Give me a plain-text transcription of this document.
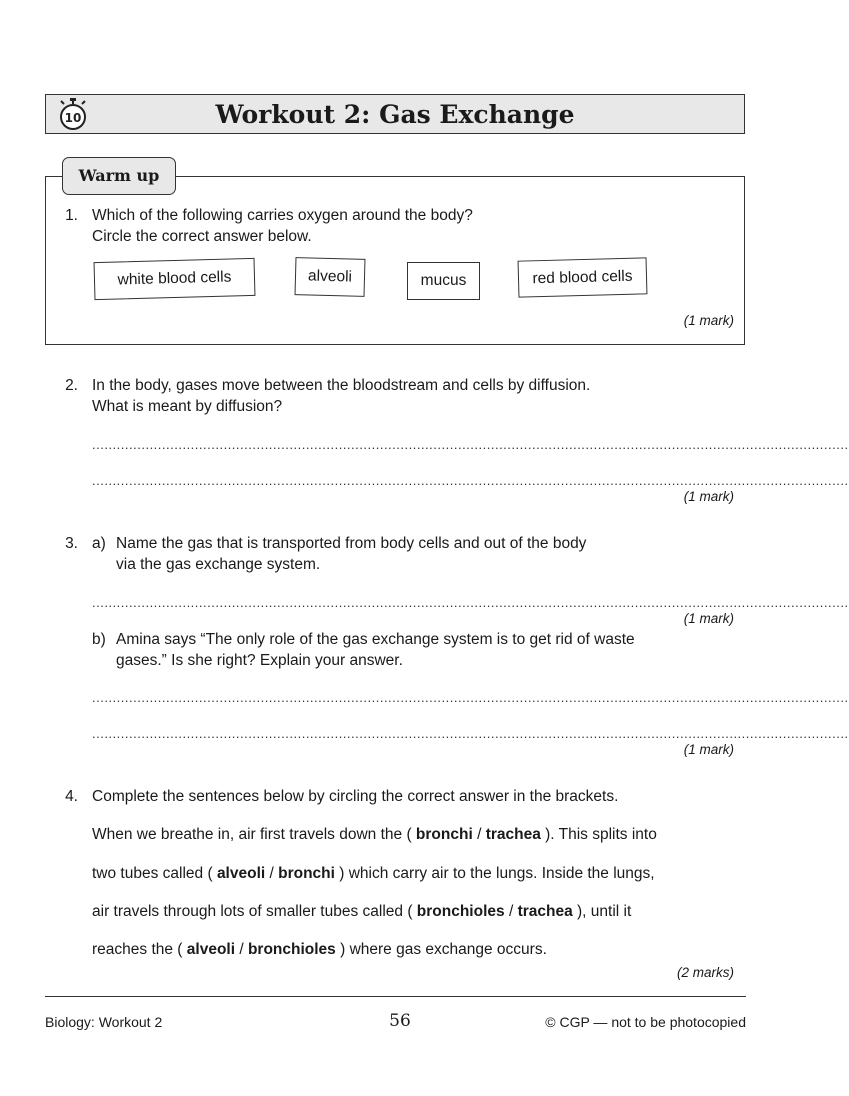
10	Workout 2: Gas Exchange
Warm up
1. Which of the following carries oxygen around the body?
Circle the correct answer below.
white blood cells	alveoli	mucus	red blood cells
(1 mark)
2. In the body, gases move between the bloodstream and cells by diffusion.
What is meant by diffusion?
........................................................................................................................................................................................
........................................................................................................................................................................................
(1 mark)
3. a) Name the gas that is transported from body cells and out of the body
via the gas exchange system.
........................................................................................................................................................................................
(1 mark)
b) Amina says “The only role of the gas exchange system is to get rid of waste
gases.” Is she right? Explain your answer.
........................................................................................................................................................................................
........................................................................................................................................................................................
(1 mark)
4. Complete the sentences below by circling the correct answer in the brackets.
When we breathe in, air first travels down the ( bronchi / trachea ). This splits into
two tubes called ( alveoli / bronchi ) which carry air to the lungs. Inside the lungs,
air travels through lots of smaller tubes called ( bronchioles / trachea ), until it
reaches the ( alveoli / bronchioles ) where gas exchange occurs.
(2 marks)
Biology: Workout 2	56	© CGP — not to be photocopied
